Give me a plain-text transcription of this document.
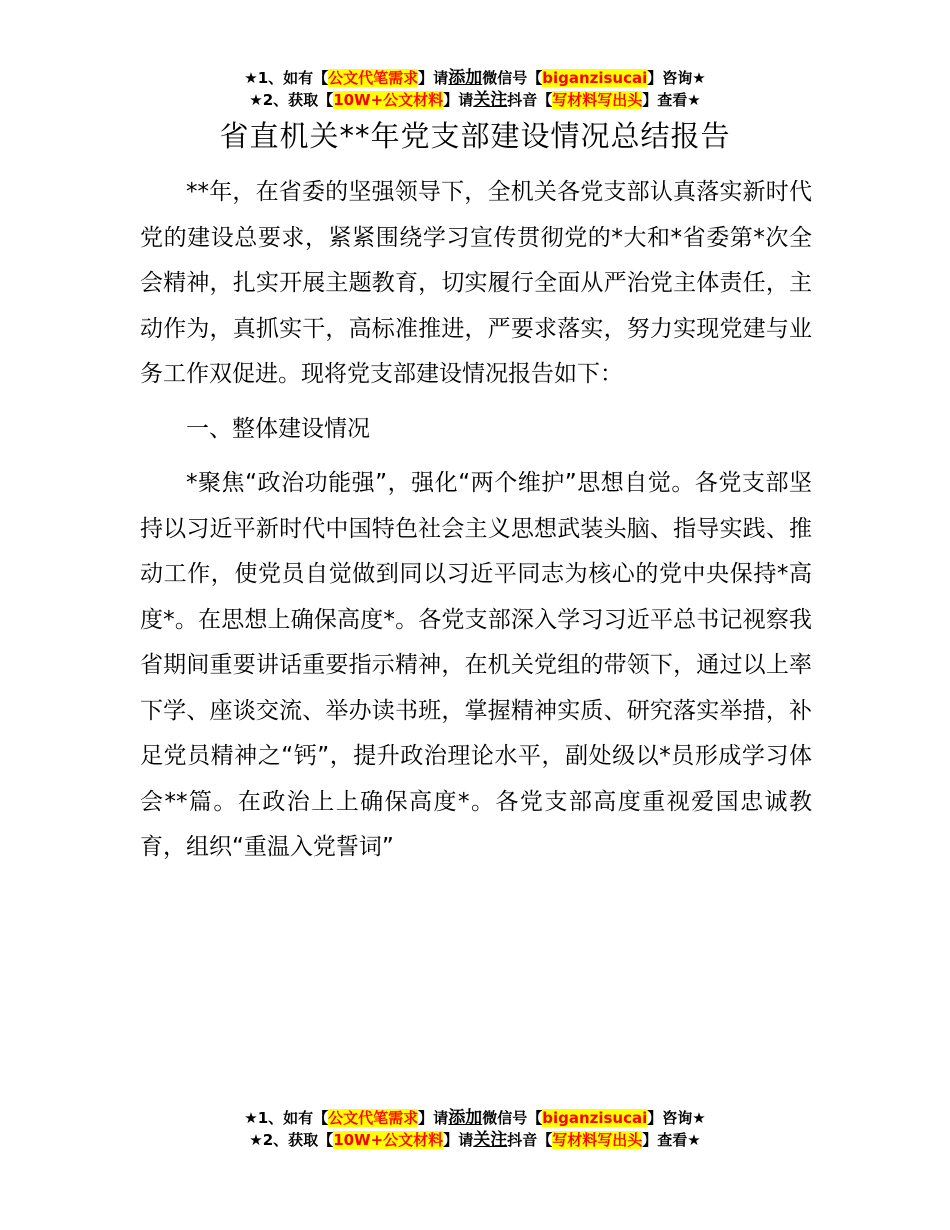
★1、如有【公文代笔需求】请添加微信号【biganzisucai】咨询★
★2、获取【10W+公文材料】请关注抖音【写材料写出头】查看★
省直机关**年党支部建设情况总结报告

**年，在省委的坚强领导下，全机关各党支部认真落实新时代党的建设总要求，紧紧围绕学习宣传贯彻党的*大和*省委第*次全会精神，扎实开展主题教育，切实履行全面从严治党主体责任，主动作为，真抓实干，高标准推进，严要求落实，努力实现党建与业务工作双促进。现将党支部建设情况报告如下：

一、整体建设情况

*聚焦“政治功能强”，强化“两个维护”思想自觉。各党支部坚持以习近平新时代中国特色社会主义思想武装头脑、指导实践、推动工作，使党员自觉做到同以习近平同志为核心的党中央保持*高度*。在思想上确保高度*。各党支部深入学习习近平总书记视察我省期间重要讲话重要指示精神，在机关党组的带领下，通过以上率下学、座谈交流、举办读书班，掌握精神实质、研究落实举措，补足党员精神之“钙”，提升政治理论水平，副处级以*员形成学习体会**篇。在政治上上确保高度*。各党支部高度重视爱国忠诚教育，组织“重温入党誓词”

★1、如有【公文代笔需求】请添加微信号【biganzisucai】咨询★
★2、获取【10W+公文材料】请关注抖音【写材料写出头】查看★
